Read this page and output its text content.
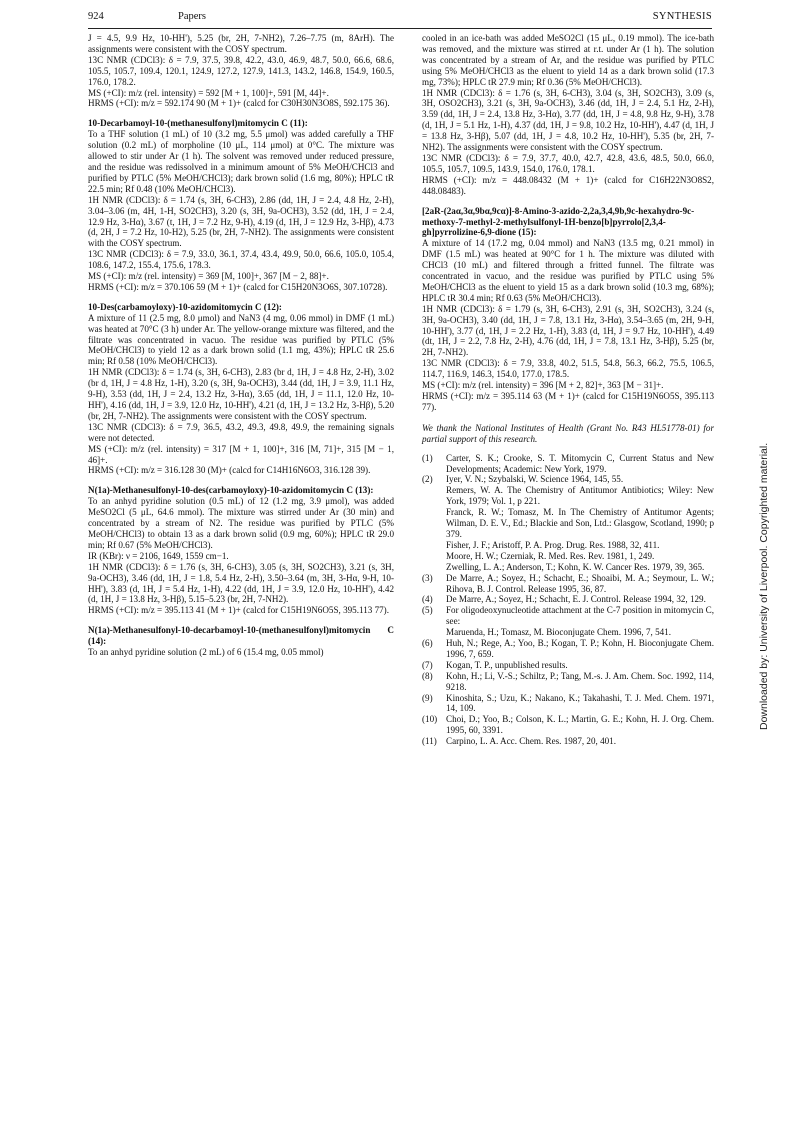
924	Papers	SYNTHESIS

J = 4.5, 9.9 Hz, 10-HH'), 5.25 (br, 2H, 7-NH2), 7.26–7.75 (m, 8ArH). The assignments were consistent with the COSY spectrum.

13C NMR (CDCl3): δ = 7.9, 37.5, 39.8, 42.2, 43.0, 46.9, 48.7, 50.0, 66.6, 68.6, 105.5, 105.7, 109.4, 120.1, 124.9, 127.2, 127.9, 141.3, 143.2, 146.8, 154.9, 160.5, 176.0, 178.2.

MS (+CI): m/z (rel. intensity) = 592 [M + 1, 100]+, 591 [M, 44]+.

HRMS (+CI): m/z = 592.174 90 (M + 1)+ (calcd for C30H30N3O8S, 592.175 36).

10-Decarbamoyl-10-(methanesulfonyl)mitomycin C (11):

To a THF solution (1 mL) of 10 (3.2 mg, 5.5 μmol) was added carefully a THF solution (0.2 mL) of morpholine (10 μL, 114 μmol) at 0°C. The mixture was allowed to stir under Ar (1 h). The solvent was removed under reduced pressure, and the residue was redissolved in a minimum amount of 5% MeOH/CHCl3 and purified by PTLC (5% MeOH/CHCl3); dark brown solid (1.6 mg, 80%); HPLC tR 22.5 min; Rf 0.48 (10% MeOH/CHCl3).

1H NMR (CDCl3): δ = 1.74 (s, 3H, 6-CH3), 2.86 (dd, 1H, J = 2.4, 4.8 Hz, 2-H), 3.04–3.06 (m, 4H, 1-H, SO2CH3), 3.20 (s, 3H, 9a-OCH3), 3.52 (dd, 1H, J = 2.4, 12.9 Hz, 3-Hα), 3.67 (t, 1H, J = 7.2 Hz, 9-H), 4.19 (d, 1H, J = 12.9 Hz, 3-Hβ), 4.73 (d, 2H, J = 7.2 Hz, 10-H2), 5.25 (br, 2H, 7-NH2). The assignments were consistent with the COSY spectrum.

13C NMR (CDCl3): δ = 7.9, 33.0, 36.1, 37.4, 43.4, 49.9, 50.0, 66.6, 105.0, 105.4, 108.6, 147.2, 155.4, 175.6, 178.3.

MS (+CI): m/z (rel. intensity) = 369 [M, 100]+, 367 [M − 2, 88]+.

HRMS (+CI): m/z = 370.106 59 (M + 1)+ (calcd for C15H20N3O6S, 307.10728).

10-Des(carbamoyloxy)-10-azidomitomycin C (12):

A mixture of 11 (2.5 mg, 8.0 μmol) and NaN3 (4 mg, 0.06 mmol) in DMF (1 mL) was heated at 70°C (3 h) under Ar. The yellow-orange mixture was filtered, and the filtrate was concentrated in vacuo. The residue was purified by PTLC (5% MeOH/CHCl3) to yield 12 as a dark brown solid (1.1 mg, 43%); HPLC tR 25.6 min; Rf 0.58 (10% MeOH/CHCl3).

1H NMR (CDCl3): δ = 1.74 (s, 3H, 6-CH3), 2.83 (br d, 1H, J = 4.8 Hz, 2-H), 3.02 (br d, 1H, J = 4.8 Hz, 1-H), 3.20 (s, 3H, 9a-OCH3), 3.44 (dd, 1H, J = 3.9, 11.1 Hz, 9-H), 3.53 (dd, 1H, J = 2.4, 13.2 Hz, 3-Hα), 3.65 (dd, 1H, J = 11.1, 12.0 Hz, 10-HH'), 4.16 (dd, 1H, J = 3.9, 12.0 Hz, 10-HH'), 4.21 (d, 1H, J = 13.2 Hz, 3-Hβ), 5.20 (br, 2H, 7-NH2). The assignments were consistent with the COSY spectrum.

13C NMR (CDCl3): δ = 7.9, 36.5, 43.2, 49.3, 49.8, 49.9, the remaining signals were not detected.

MS (+CI): m/z (rel. intensity) = 317 [M + 1, 100]+, 316 [M, 71]+, 315 [M − 1, 46]+.

HRMS (+CI): m/z = 316.128 30 (M)+ (calcd for C14H16N6O3, 316.128 39).

N(1a)-Methanesulfonyl-10-des(carbamoyloxy)-10-azidomitomycin C (13):

To an anhyd pyridine solution (0.5 mL) of 12 (1.2 mg, 3.9 μmol), was added MeSO2Cl (5 μL, 64.6 mmol). The mixture was stirred under Ar (30 min) and concentrated by a stream of N2. The residue was purified by PTLC (5% MeOH/CHCl3) to obtain 13 as a dark brown solid (0.9 mg, 60%); HPLC tR 29.0 min; Rf 0.67 (5% MeOH/CHCl3).

IR (KBr): ν = 2106, 1649, 1559 cm−1.

1H NMR (CDCl3): δ = 1.76 (s, 3H, 6-CH3), 3.05 (s, 3H, SO2CH3), 3.21 (s, 3H, 9a-OCH3), 3.46 (dd, 1H, J = 1.8, 5.4 Hz, 2-H), 3.50–3.64 (m, 3H, 3-Hα, 9-H, 10-HH'), 3.83 (d, 1H, J = 5.4 Hz, 1-H), 4.22 (dd, 1H, J = 3.9, 12.0 Hz, 10-HH'), 4.42 (d, 1H, J = 13.8 Hz, 3-Hβ), 5.15–5.23 (br, 2H, 7-NH2).

HRMS (+CI): m/z = 395.113 41 (M + 1)+ (calcd for C15H19N6O5S, 395.113 77).

N(1a)-Methanesulfonyl-10-decarbamoyl-10-(methanesulfonyl)mitomycin C (14):

To an anhyd pyridine solution (2 mL) of 6 (15.4 mg, 0.05 mmol)

cooled in an ice-bath was added MeSO2Cl (15 μL, 0.19 mmol). The ice-bath was removed, and the mixture was stirred at r.t. under Ar (1 h). The solution was concentrated by a stream of Ar, and the residue was purified by PTLC using 5% MeOH/CHCl3 as the eluent to yield 14 as a dark brown solid (17.3 mg, 73%); HPLC tR 27.9 min; Rf 0.36 (5% MeOH/CHCl3).

1H NMR (CDCl3): δ = 1.76 (s, 3H, 6-CH3), 3.04 (s, 3H, SO2CH3), 3.09 (s, 3H, OSO2CH3), 3.21 (s, 3H, 9a-OCH3), 3.46 (dd, 1H, J = 2.4, 5.1 Hz, 2-H), 3.59 (dd, 1H, J = 2.4, 13.8 Hz, 3-Hα), 3.77 (dd, 1H, J = 4.8, 9.8 Hz, 9-H), 3.78 (d, 1H, J = 5.1 Hz, 1-H), 4.37 (dd, 1H, J = 9.8, 10.2 Hz, 10-HH'), 4.47 (d, 1H, J = 13.8 Hz, 3-Hβ), 5.07 (dd, 1H, J = 4.8, 10.2 Hz, 10-HH'), 5.35 (br, 2H, 7-NH2). The assignments were consistent with the COSY spectrum.

13C NMR (CDCl3): δ = 7.9, 37.7, 40.0, 42.7, 42.8, 43.6, 48.5, 50.0, 66.0, 105.5, 105.7, 109.5, 143.9, 154.0, 176.0, 178.1.

HRMS (+CI): m/z = 448.08432 (M + 1)+ (calcd for C16H22N3O8S2, 448.08483).

[2aR-(2aα,3α,9bα,9cα)]-8-Amino-3-azido-2,2a,3,4,9b,9c-hexahydro-9c-methoxy-7-methyl-2-methylsulfonyl-1H-benzo[b]pyrrolo[2,3,4-gh]pyrrolizine-6,9-dione (15):

A mixture of 14 (17.2 mg, 0.04 mmol) and NaN3 (13.5 mg, 0.21 mmol) in DMF (1.5 mL) was heated at 90°C for 1 h. The mixture was diluted with CHCl3 (10 mL) and filtered through a fritted funnel. The filtrate was concentrated in vacuo, and the residue was purified by PTLC using 5% MeOH/CHCl3 as the eluent to yield 15 as a dark brown solid (10.3 mg, 68%); HPLC tR 30.4 min; Rf 0.63 (5% MeOH/CHCl3).

1H NMR (CDCl3): δ = 1.79 (s, 3H, 6-CH3), 2.91 (s, 3H, SO2CH3), 3.24 (s, 3H, 9a-OCH3), 3.40 (dd, 1H, J = 7.8, 13.1 Hz, 3-Hα), 3.54–3.65 (m, 2H, 9-H, 10-HH'), 3.77 (d, 1H, J = 2.2 Hz, 1-H), 3.83 (d, 1H, J = 9.7 Hz, 10-HH'), 4.49 (dt, 1H, J = 2.2, 7.8 Hz, 2-H), 4.76 (dd, 1H, J = 7.8, 13.1 Hz, 3-Hβ), 5.25 (br, 2H, 7-NH2).

13C NMR (CDCl3): δ = 7.9, 33.8, 40.2, 51.5, 54.8, 56.3, 66.2, 75.5, 106.5, 114.7, 116.9, 146.3, 154.0, 177.0, 178.5.

MS (+CI): m/z (rel. intensity) = 396 [M + 2, 82]+, 363 [M − 31]+.

HRMS (+CI): m/z = 395.114 63 (M + 1)+ (calcd for C15H19N6O5S, 395.113 77).

We thank the National Institutes of Health (Grant No. R43 HL51778-01) for partial support of this research.

(1) Carter, S. K.; Crooke, S. T. Mitomycin C, Current Status and New Developments; Academic: New York, 1979.
(2) Iyer, V. N.; Szybalski, W. Science 1964, 145, 55.
Remers, W. A. The Chemistry of Antitumor Antibiotics; Wiley: New York, 1979; Vol. 1, p 221.
Franck, R. W.; Tomasz, M. In The Chemistry of Antitumor Agents; Wilman, D. E. V., Ed.; Blackie and Son, Ltd.: Glasgow, Scotland, 1990; p 379.
Fisher, J. F.; Aristoff, P. A. Prog. Drug. Res. 1988, 32, 411.
Moore, H. W.; Czerniak, R. Med. Res. Rev. 1981, 1, 249.
Zwelling, L. A.; Anderson, T.; Kohn, K. W. Cancer Res. 1979, 39, 365.
(3) De Marre, A.; Soyez, H.; Schacht, E.; Shoaibi, M. A.; Seymour, L. W.; Rihova, B. J. Control. Release 1995, 36, 87.
(4) De Marre, A.; Soyez, H.; Schacht, E. J. Control. Release 1994, 32, 129.
(5) For oligodeoxynucleotide attachment at the C-7 position in mitomycin C, see:
Maruenda, H.; Tomasz, M. Bioconjugate Chem. 1996, 7, 541.
(6) Huh, N.; Rege, A.; Yoo, B.; Kogan, T. P.; Kohn, H. Bioconjugate Chem. 1996, 7, 659.
(7) Kogan, T. P., unpublished results.
(8) Kohn, H.; Li, V.-S.; Schiltz, P.; Tang, M.-s. J. Am. Chem. Soc. 1992, 114, 9218.
(9) Kinoshita, S.; Uzu, K.; Nakano, K.; Takahashi, T. J. Med. Chem. 1971, 14, 109.
(10) Choi, D.; Yoo, B.; Colson, K. L.; Martin, G. E.; Kohn, H. J. Org. Chem. 1995, 60, 3391.
(11) Carpino, L. A. Acc. Chem. Res. 1987, 20, 401.
Downloaded by: University of Liverpool. Copyrighted material.
